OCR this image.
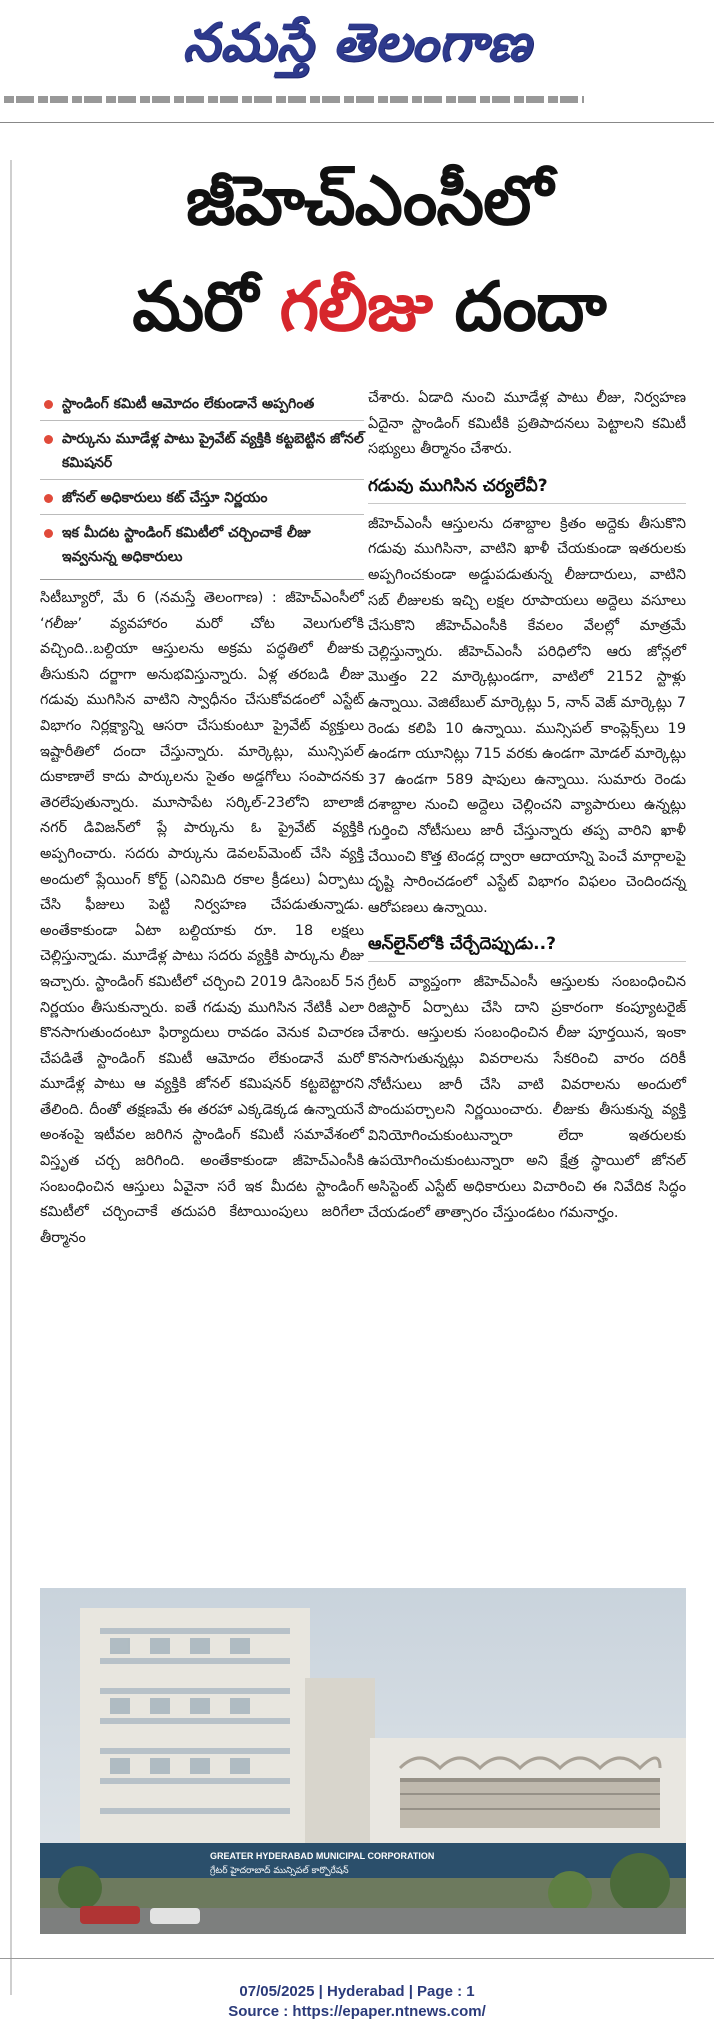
నమస్తే తెలంగాణ
జీహెచ్ఎంసీలో
మరో గలీజు దందా
స్టాండింగ్ కమిటీ ఆమోదం లేకుండానే అప్పగింత
పార్కును మూడేళ్ల పాటు ప్రైవేట్ వ్యక్తికి కట్టబెట్టిన జోనల్ కమిషనర్
జోనల్ అధికారులు కట్ చేస్తూ నిర్ణయం
ఇక మీదట స్టాండింగ్ కమిటీలో చర్చించాకే లీజు ఇవ్వనున్న అధికారులు

సిటీబ్యూరో, మే 6 (నమస్తే తెలంగాణ) : జీహెచ్ఎంసీలో ‘గలీజు’ వ్యవహారం మరో చోట వెలుగులోకి వచ్చింది..బల్దియా ఆస్తులను అక్రమ పద్ధతిలో లీజుకు తీసుకుని దర్జాగా అనుభవిస్తున్నారు. ఏళ్ల తరబడి లీజు గడువు ముగిసిన వాటిని స్వాధీనం చేసుకోవడంలో ఎస్టేట్ విభాగం నిర్లక్ష్యాన్ని ఆసరా చేసుకుంటూ ప్రైవేట్ వ్యక్తులు ఇష్టారీతిలో దందా చేస్తున్నారు. మార్కెట్లు, మున్సిపల్ దుకాణాలే కాదు పార్కులను సైతం అడ్డగోలు సంపాదనకు తెరలేపుతున్నారు. మూసాపేట సర్కిల్-23లోని బాలాజీ నగర్ డివిజన్‌లో ప్లే పార్కును ఓ ప్రైవేట్ వ్యక్తికి అప్పగించారు. సదరు పార్కును డెవలప్‌మెంట్ చేసి వ్యక్తి అందులో ప్లేయింగ్ కోర్ట్ (ఎనిమిది రకాల క్రీడలు) ఏర్పాటు చేసి ఫీజులు పెట్టి నిర్వహణ చేపడుతున్నాడు. అంతేకాకుండా ఏటా బల్దియాకు రూ. 18 లక్షలు చెల్లిస్తున్నాడు. మూడేళ్ల పాటు సదరు వ్యక్తికి పార్కును లీజు ఇచ్చారు. స్టాండింగ్ కమిటీలో చర్చించి 2019 డిసెంబర్ 5న నిర్ణయం తీసుకున్నారు. ఐతే గడువు ముగిసిన నేటికీ ఎలా కొనసాగుతుందంటూ ఫిర్యాదులు రావడం వెనుక విచారణ చేపడితే స్టాండింగ్ కమిటీ ఆమోదం లేకుండానే మరో మూడేళ్ల పాటు ఆ వ్యక్తికి జోనల్ కమిషనర్ కట్టబెట్టారని తేలింది. దీంతో తక్షణమే ఈ తరహా ఎక్కడెక్కడ ఉన్నాయనే అంశంపై ఇటీవల జరిగిన స్టాండింగ్ కమిటీ సమావేశంలో విస్తృత చర్చ జరిగింది. అంతేకాకుండా జీహెచ్ఎంసీకి సంబంధించిన ఆస్తులు ఏవైనా సరే ఇక మీదట స్టాండింగ్ కమిటీలో చర్చించాకే తదుపరి కేటాయింపులు జరిగేలా తీర్మానం

చేశారు. ఏడాది నుంచి మూడేళ్ల పాటు లీజు, నిర్వహణ ఏదైనా స్టాండింగ్ కమిటీకి ప్రతిపాదనలు పెట్టాలని కమిటీ సభ్యులు తీర్మానం చేశారు.

గడువు ముగిసిన చర్యలేవీ?

జీహెచ్ఎంసీ ఆస్తులను దశాబ్దాల క్రితం అద్దెకు తీసుకొని గడువు ముగిసినా, వాటిని ఖాళీ చేయకుండా ఇతరులకు అప్పగించకుండా అడ్డుపడుతున్న లీజుదారులు, వాటిని సబ్ లీజులకు ఇచ్చి లక్షల రూపాయలు అద్దెలు వసూలు చేసుకొని జీహెచ్ఎంసీకి కేవలం వేలల్లో మాత్రమే చెల్లిస్తున్నారు. జీహెచ్ఎంసీ పరిధిలోని ఆరు జోన్లలో మొత్తం 22 మార్కెట్లుండగా, వాటిలో 2152 స్టాళ్లు ఉన్నాయి. వెజిటేబుల్ మార్కెట్లు 5, నాన్ వెజ్ మార్కెట్లు 7 రెండు కలిపి 10 ఉన్నాయి. మున్సిపల్ కాంప్లెక్స్‌లు 19 ఉండగా యూనిట్లు 715 వరకు ఉండగా మోడల్ మార్కెట్లు 37 ఉండగా 589 షాపులు ఉన్నాయి. సుమారు రెండు దశాబ్దాల నుంచి అద్దెలు చెల్లించని వ్యాపారులు ఉన్నట్లు గుర్తించి నోటీసులు జారీ చేస్తున్నారు తప్ప వారిని ఖాళీ చేయించి కొత్త టెండర్ల ద్వారా ఆదాయాన్ని పెంచే మార్గాలపై దృష్టి సారించడంలో ఎస్టేట్ విభాగం విఫలం చెందిందన్న ఆరోపణలు ఉన్నాయి.

ఆన్‌లైన్‌లోకి చేర్చేదెప్పుడు..?

గ్రేటర్ వ్యాప్తంగా జీహెచ్ఎంసీ ఆస్తులకు సంబంధించిన రిజిస్టార్ ఏర్పాటు చేసి దాని ప్రకారంగా కంప్యూటరైజ్ చేశారు. ఆస్తులకు సంబంధించిన లీజు పూర్తయిన, ఇంకా కొనసాగుతున్నట్లు వివరాలను సేకరించి వారం దరికీ నోటీసులు జారీ చేసి వాటి వివరాలను అందులో పొందుపర్చాలని నిర్ణయించారు. లీజుకు తీసుకున్న వ్యక్తి వినియోగించుకుంటున్నారా లేదా ఇతరులకు ఉపయోగించుకుంటున్నారా అని క్షేత్ర స్థాయిలో జోనల్ అసిస్టెంట్ ఎస్టేట్ అధికారులు విచారించి ఈ నివేదిక సిద్ధం చేయడంలో తాత్సారం చేస్తుండటం గమనార్హం.

GREATER HYDERABAD MUNICIPAL CORPORATION
గ్రేటర్ హైదరాబాద్ మున్సిపల్ కార్పొరేషన్
07/05/2025 | Hyderabad | Page : 1
Source : https://epaper.ntnews.com/
